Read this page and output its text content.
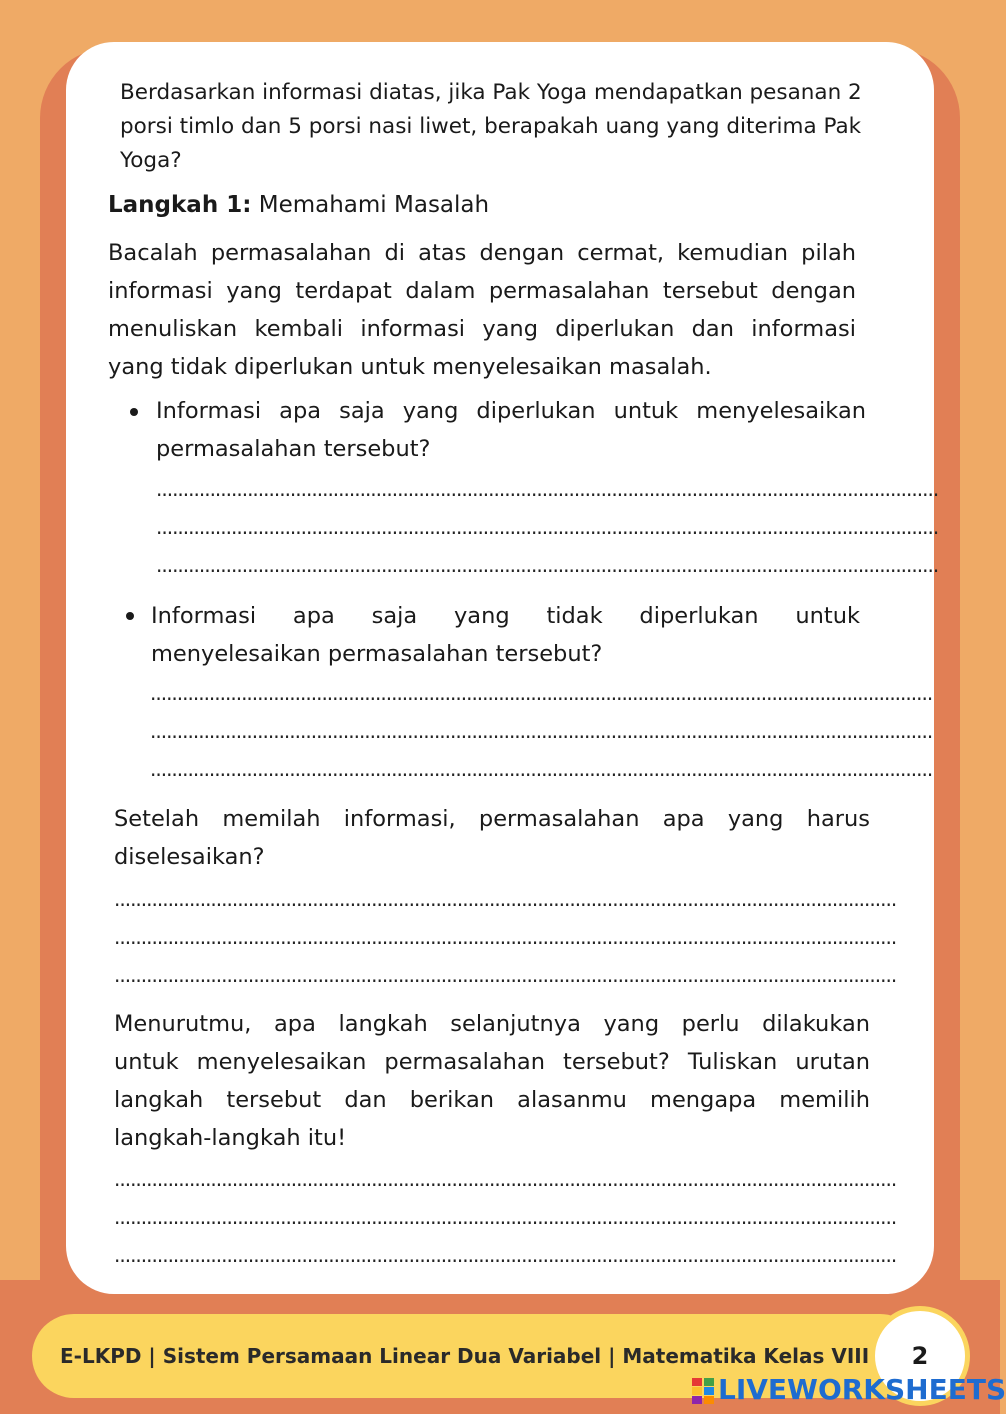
Berdasarkan informasi diatas, jika Pak Yoga mendapatkan pesanan 2
porsi timlo dan 5 porsi nasi liwet, berapakah uang yang diterima Pak
Yoga?
Langkah 1: Memahami Masalah
Bacalah permasalahan di atas dengan cermat, kemudian pilah
informasi yang terdapat dalam permasalahan tersebut dengan
menuliskan kembali informasi yang diperlukan dan informasi
yang tidak diperlukan untuk menyelesaikan masalah.
Informasi apa saja yang diperlukan untuk menyelesaikan
permasalahan tersebut?
..................................................................................................................................................
..................................................................................................................................................
..................................................................................................................................................
Informasi apa saja yang tidak diperlukan untuk
menyelesaikan permasalahan tersebut?
..................................................................................................................................................
..................................................................................................................................................
..................................................................................................................................................
Setelah memilah informasi, permasalahan apa yang harus
diselesaikan?
..................................................................................................................................................
..................................................................................................................................................
..................................................................................................................................................
Menurutmu, apa langkah selanjutnya yang perlu dilakukan
untuk menyelesaikan permasalahan tersebut? Tuliskan urutan
langkah tersebut dan berikan alasanmu mengapa memilih
langkah-langkah itu!
..................................................................................................................................................
..................................................................................................................................................
..................................................................................................................................................
E-LKPD | Sistem Persamaan Linear Dua Variabel | Matematika Kelas VIII	2
LIVEWORKSHEETS
